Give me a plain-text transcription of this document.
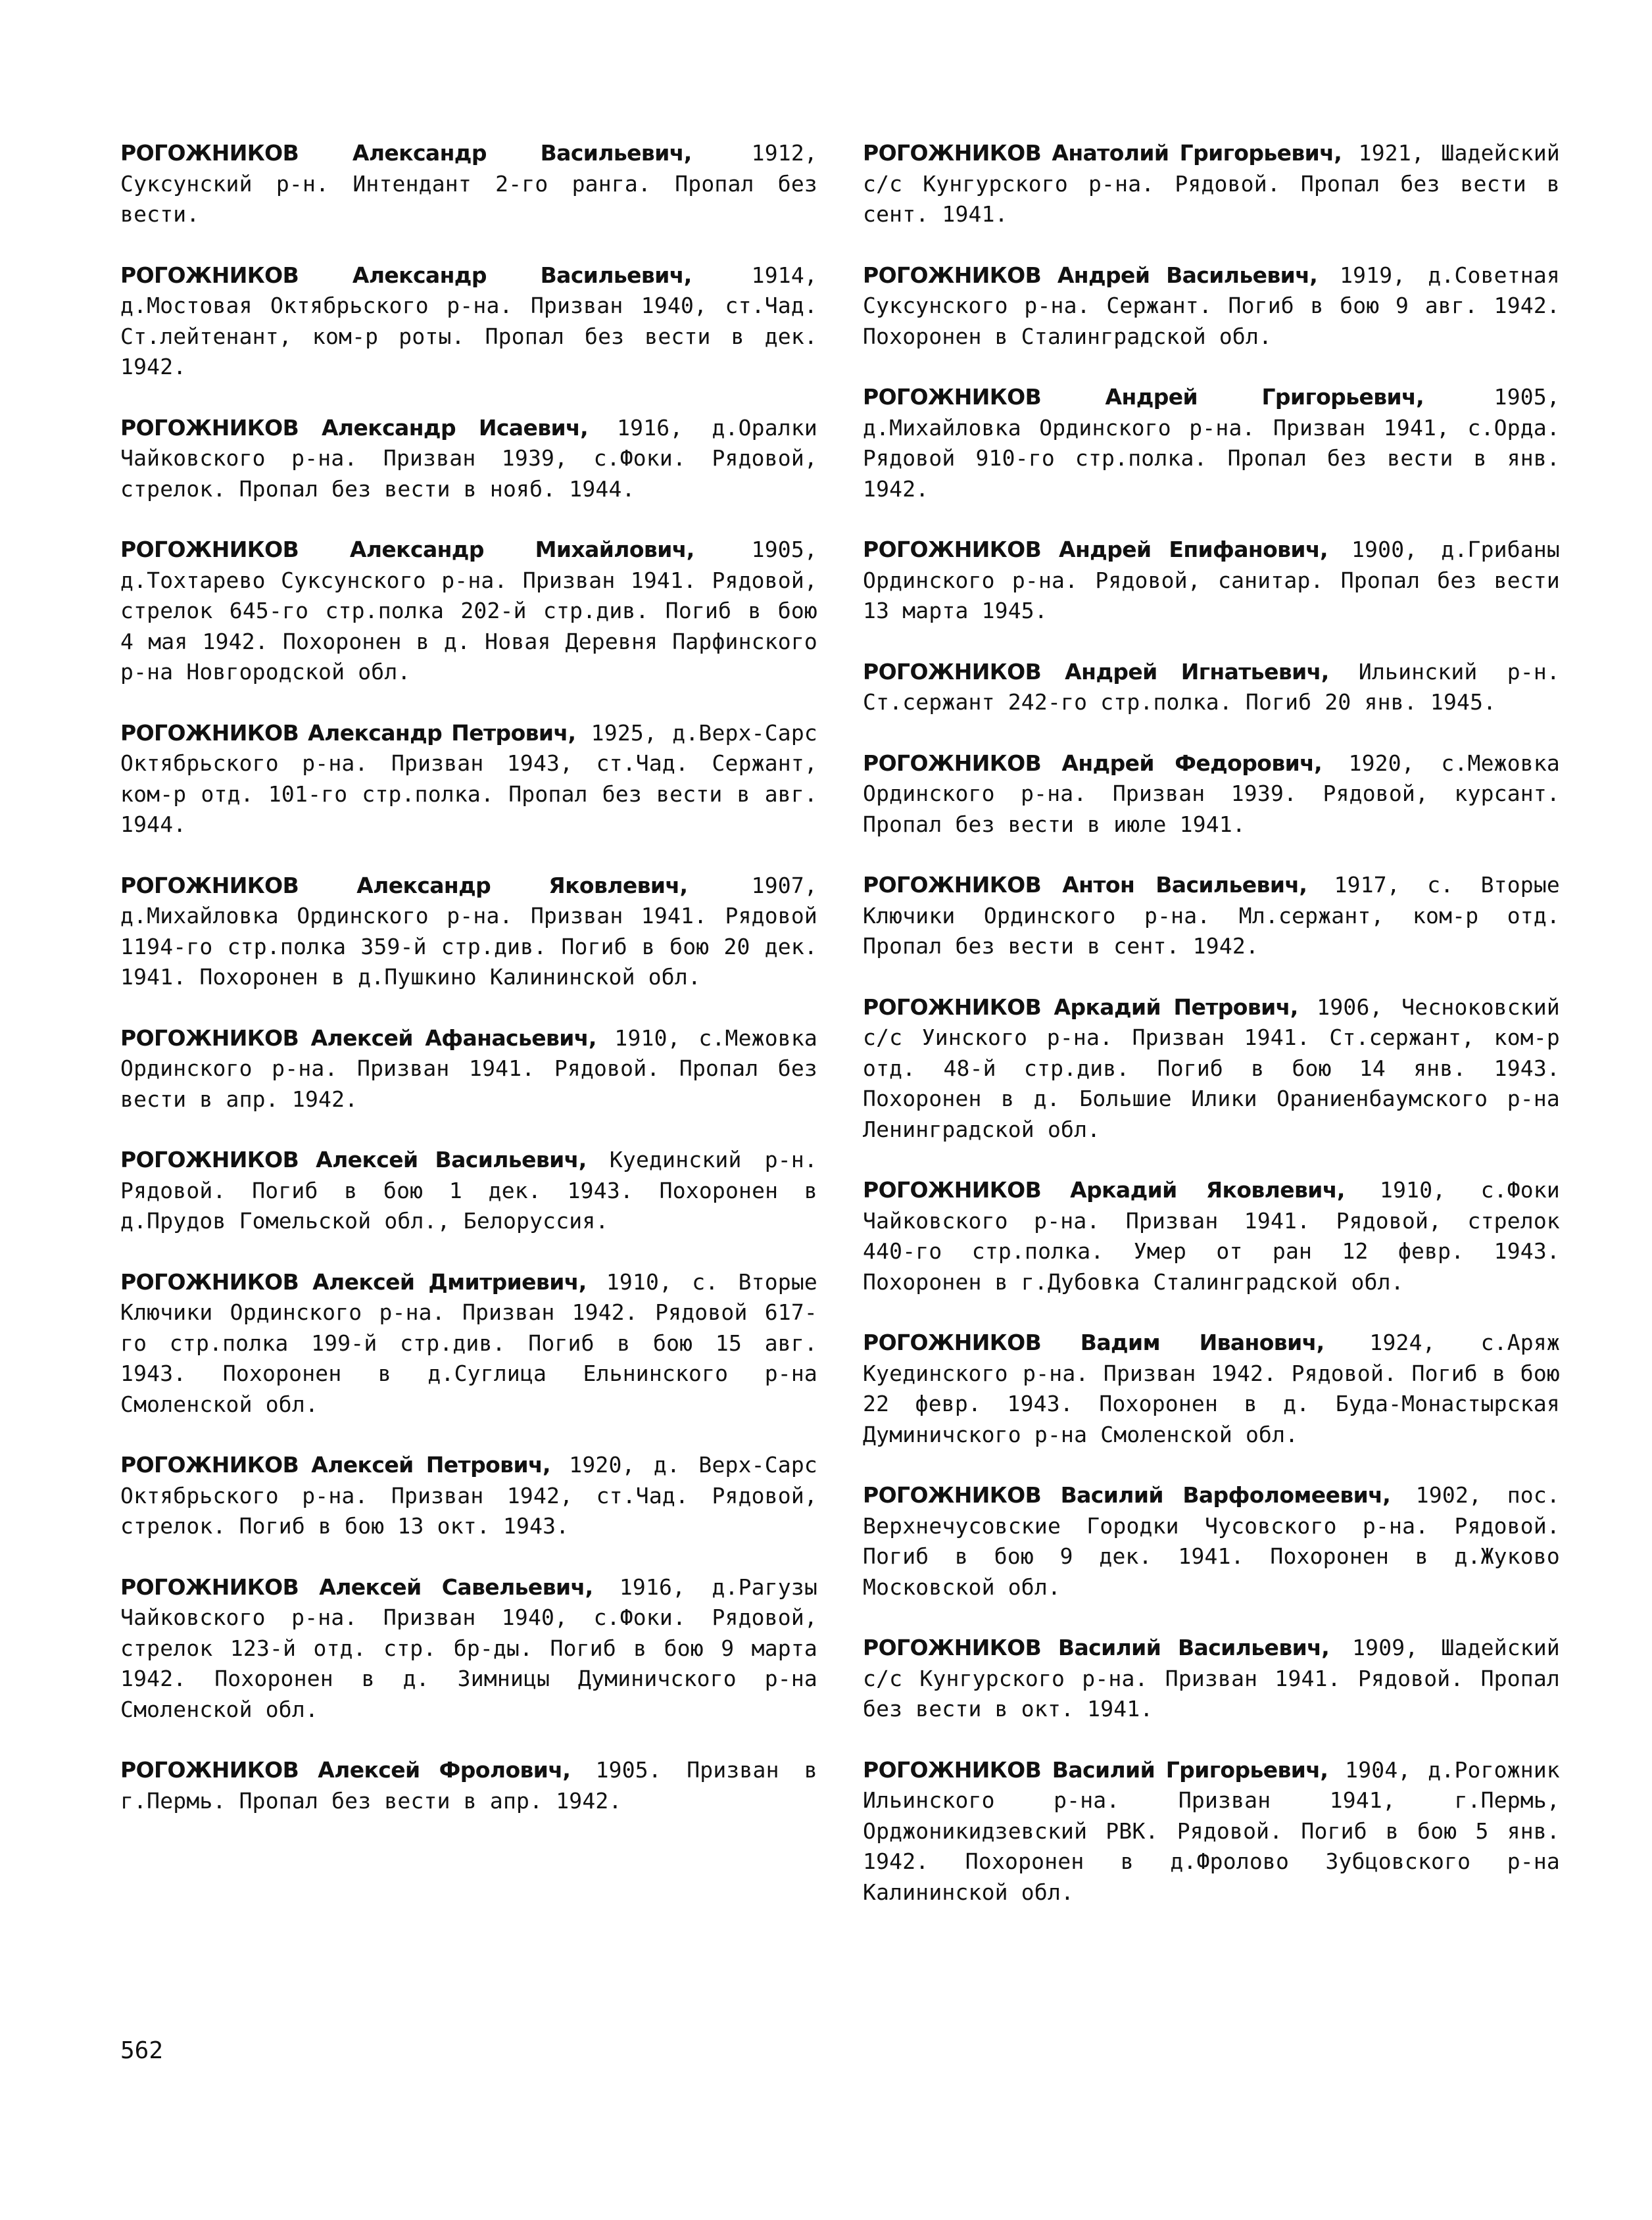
РОГОЖНИКОВ Александр Васильевич, 1912, Суксунский р-н. Интендант 2-го ранга. Пропал без вести.

РОГОЖНИКОВ Александр Васильевич, 1914, д.Мостовая Октябрьского р-на. Призван 1940, ст.Чад. Ст.лейтенант, ком-р роты. Пропал без вести в дек. 1942.

РОГОЖНИКОВ Александр Исаевич, 1916, д.Оралки Чайковского р-на. Призван 1939, с.Фоки. Рядовой, стрелок. Пропал без вести в нояб. 1944.

РОГОЖНИКОВ Александр Михайлович, 1905, д.Тохтарево Суксунского р-на. Призван 1941. Рядовой, стрелок 645-го стр.полка 202-й стр.див. Погиб в бою 4 мая 1942. Похоронен в д. Новая Деревня Парфинского р-на Новгородской обл.

РОГОЖНИКОВ Александр Петрович, 1925, д.Верх-Сарс Октябрьского р-на. Призван 1943, ст.Чад. Сержант, ком-р отд. 101-го стр.полка. Пропал без вести в авг. 1944.

РОГОЖНИКОВ Александр Яковлевич, 1907, д.Михайловка Ординского р-на. Призван 1941. Рядовой 1194-го стр.полка 359-й стр.див. Погиб в бою 20 дек. 1941. Похоронен в д.Пушкино Калининской обл.

РОГОЖНИКОВ Алексей Афанасьевич, 1910, с.Межовка Ординского р-на. Призван 1941. Рядовой. Пропал без вести в апр. 1942.

РОГОЖНИКОВ Алексей Васильевич, Куединский р-н. Рядовой. Погиб в бою 1 дек. 1943. Похоронен в д.Прудов Гомельской обл., Белоруссия.

РОГОЖНИКОВ Алексей Дмитриевич, 1910, с. Вторые Ключики Ординского р-на. Призван 1942. Рядовой 617-го стр.полка 199-й стр.див. Погиб в бою 15 авг. 1943. Похоронен в д.Суглица Ельнинского р-на Смоленской обл.

РОГОЖНИКОВ Алексей Петрович, 1920, д. Верх-Сарс Октябрьского р-на. Призван 1942, ст.Чад. Рядовой, стрелок. Погиб в бою 13 окт. 1943.

РОГОЖНИКОВ Алексей Савельевич, 1916, д.Рагузы Чайковского р-на. Призван 1940, с.Фоки. Рядовой, стрелок 123-й отд. стр. бр-ды. Погиб в бою 9 марта 1942. Похоронен в д. Зимницы Думиничского р-на Смоленской обл.

РОГОЖНИКОВ Алексей Фролович, 1905. Призван в г.Пермь. Пропал без вести в апр. 1942.

РОГОЖНИКОВ Анатолий Григорьевич, 1921, Шадейский с/с Кунгурского р-на. Рядовой. Пропал без вести в сент. 1941.

РОГОЖНИКОВ Андрей Васильевич, 1919, д.Советная Суксунского р-на. Сержант. Погиб в бою 9 авг. 1942. Похоронен в Сталинградской обл.

РОГОЖНИКОВ Андрей Григорьевич, 1905, д.Михайловка Ординского р-на. Призван 1941, с.Орда. Рядовой 910-го стр.полка. Пропал без вести в янв. 1942.

РОГОЖНИКОВ Андрей Епифанович, 1900, д.Грибаны Ординского р-на. Рядовой, санитар. Пропал без вести 13 марта 1945.

РОГОЖНИКОВ Андрей Игнатьевич, Ильинский р-н. Ст.сержант 242-го стр.полка. Погиб 20 янв. 1945.

РОГОЖНИКОВ Андрей Федорович, 1920, с.Межовка Ординского р-на. Призван 1939. Рядовой, курсант. Пропал без вести в июле 1941.

РОГОЖНИКОВ Антон Васильевич, 1917, с. Вторые Ключики Ординского р-на. Мл.сержант, ком-р отд. Пропал без вести в сент. 1942.

РОГОЖНИКОВ Аркадий Петрович, 1906, Чесноковский с/с Уинского р-на. Призван 1941. Ст.сержант, ком-р отд. 48-й стр.див. Погиб в бою 14 янв. 1943. Похоронен в д. Большие Илики Ораниенбаумского р-на Ленинградской обл.

РОГОЖНИКОВ Аркадий Яковлевич, 1910, с.Фоки Чайковского р-на. Призван 1941. Рядовой, стрелок 440-го стр.полка. Умер от ран 12 февр. 1943. Похоронен в г.Дубовка Сталинградской обл.

РОГОЖНИКОВ Вадим Иванович, 1924, с.Аряж Куединского р-на. Призван 1942. Рядовой. Погиб в бою 22 февр. 1943. Похоронен в д. Буда-Монастырская Думиничского р-на Смоленской обл.

РОГОЖНИКОВ Василий Варфоломеевич, 1902, пос. Верхнечусовские Городки Чусовского р-на. Рядовой. Погиб в бою 9 дек. 1941. Похоронен в д.Жуково Московской обл.

РОГОЖНИКОВ Василий Васильевич, 1909, Шадейский с/с Кунгурского р-на. Призван 1941. Рядовой. Пропал без вести в окт. 1941.

РОГОЖНИКОВ Василий Григорьевич, 1904, д.Рогожник Ильинского р-на. Призван 1941, г.Пермь, Орджоникидзевский РВК. Рядовой. Погиб в бою 5 янв. 1942. Похоронен в д.Фролово Зубцовского р-на Калининской обл.

562
